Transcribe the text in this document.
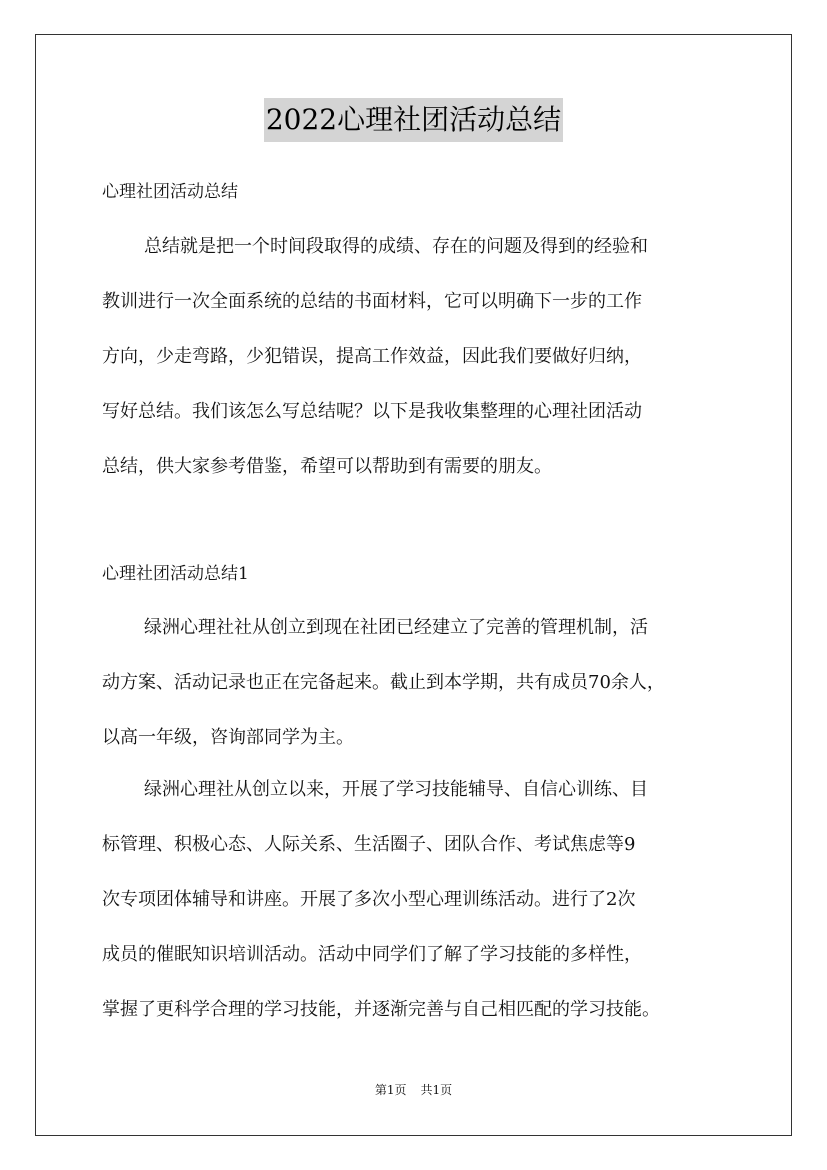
2022心理社团活动总结
心理社团活动总结
总结就是把一个时间段取得的成绩、存在的问题及得到的经验和
教训进行一次全面系统的总结的书面材料，它可以明确下一步的工作
方向，少走弯路，少犯错误，提高工作效益，因此我们要做好归纳，
写好总结。我们该怎么写总结呢？以下是我收集整理的心理社团活动
总结，供大家参考借鉴，希望可以帮助到有需要的朋友。
心理社团活动总结1
绿洲心理社社从创立到现在社团已经建立了完善的管理机制，活
动方案、活动记录也正在完备起来。截止到本学期，共有成员70余人，
以高一年级，咨询部同学为主。
绿洲心理社从创立以来，开展了学习技能辅导、自信心训练、目
标管理、积极心态、人际关系、生活圈子、团队合作、考试焦虑等9
次专项团体辅导和讲座。开展了多次小型心理训练活动。进行了2次
成员的催眠知识培训活动。活动中同学们了解了学习技能的多样性，
掌握了更科学合理的学习技能，并逐渐完善与自己相匹配的学习技能。
第1页 共1页
